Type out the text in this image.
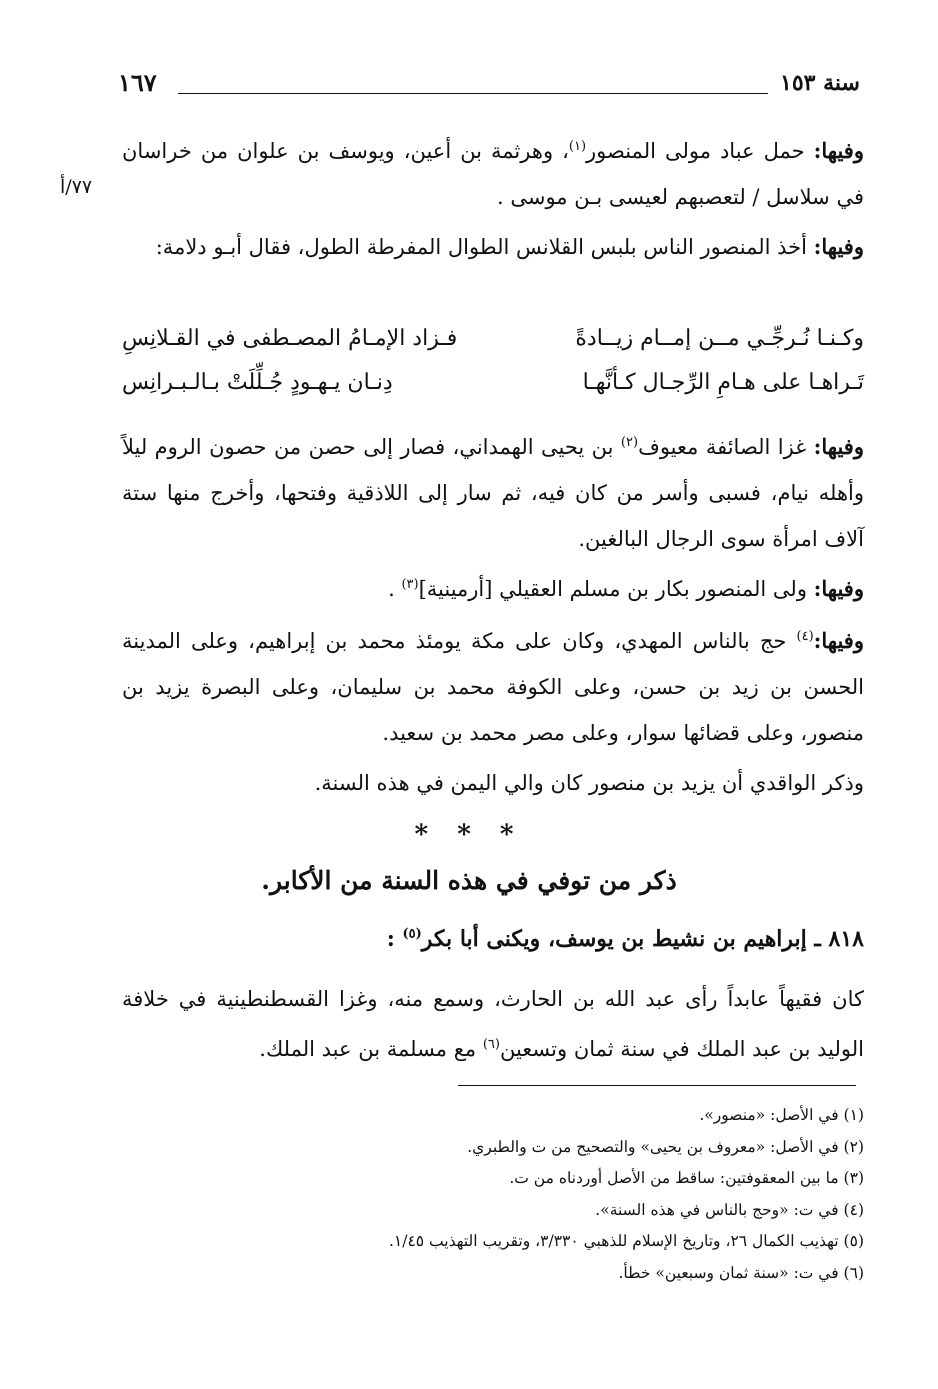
سنة ١٥٣
١٦٧
٧٧/أ
وفيها: حمل عباد مولى المنصور$^{(١)}$، وهرثمة بن أعين، ويوسف بن علوان من خراسان في سلاسل / لتعصبهم لعيسى بـن موسى .
وفيها: أخذ المنصور الناس بلبس القلانس الطوال المفرطة الطول، فقال أبـو دلامة:
وكـنـا نُـرجِّـي مــن إمــام زيــادةً
فـزاد الإمـامُ المصـطفى في القـلانِسِ
تَـراهـا على هـامِ الرِّجـال كـأنَّهـا
دِنـان يـهـودٍ جُـلِّلَتْ بـالـبـرانِس
وفيها: غزا الصائفة معيوف$^{(٢)}$ بن يحيى الهمداني، فصار إلى حصن من حصون الروم ليلاً وأهله نيام، فسبى وأسر من كان فيه، ثم سار إلى اللاذقية وفتحها، وأخرج منها ستة آلاف امرأة سوى الرجال البالغين.
وفيها: ولى المنصور بكار بن مسلم العقيلي [أرمينية]$^{(٣)}$ .
وفيها:$^{(٤)}$ حج بالناس المهدي، وكان على مكة يومئذ محمد بن إبراهيم، وعلى المدينة الحسن بن زيد بن حسن، وعلى الكوفة محمد بن سليمان، وعلى البصرة يزيد بن منصور، وعلى قضائها سوار، وعلى مصر محمد بن سعيد.
وذكر الواقدي أن يزيد بن منصور كان والي اليمن في هذه السنة.
* * *
ذكر من توفي في هذه السنة من الأكابر.
٨١٨ ـ إبراهيم بن نشيط بن يوسف، ويكنى أبا بكر$^{(٥)}$ :
كان فقيهاً عابداً رأى عبد الله بن الحارث، وسمع منه، وغزا القسطنطينية في خلافة الوليد بن عبد الملك في سنة ثمان وتسعين$^{(٦)}$ مع مسلمة بن عبد الملك.
(١) في الأصل: «منصور».
(٢) في الأصل: «معروف بن يحيى» والتصحيح من ت والطبري.
(٣) ما بين المعقوفتين: ساقط من الأصل أوردناه من ت.
(٤) في ت: «وحج بالناس في هذه السنة».
(٥) تهذيب الكمال ٢٦، وتاريخ الإسلام للذهبي ٣/٣٣٠، وتقريب التهذيب ١/٤٥.
(٦) في ت: «سنة ثمان وسبعين» خطأ.
